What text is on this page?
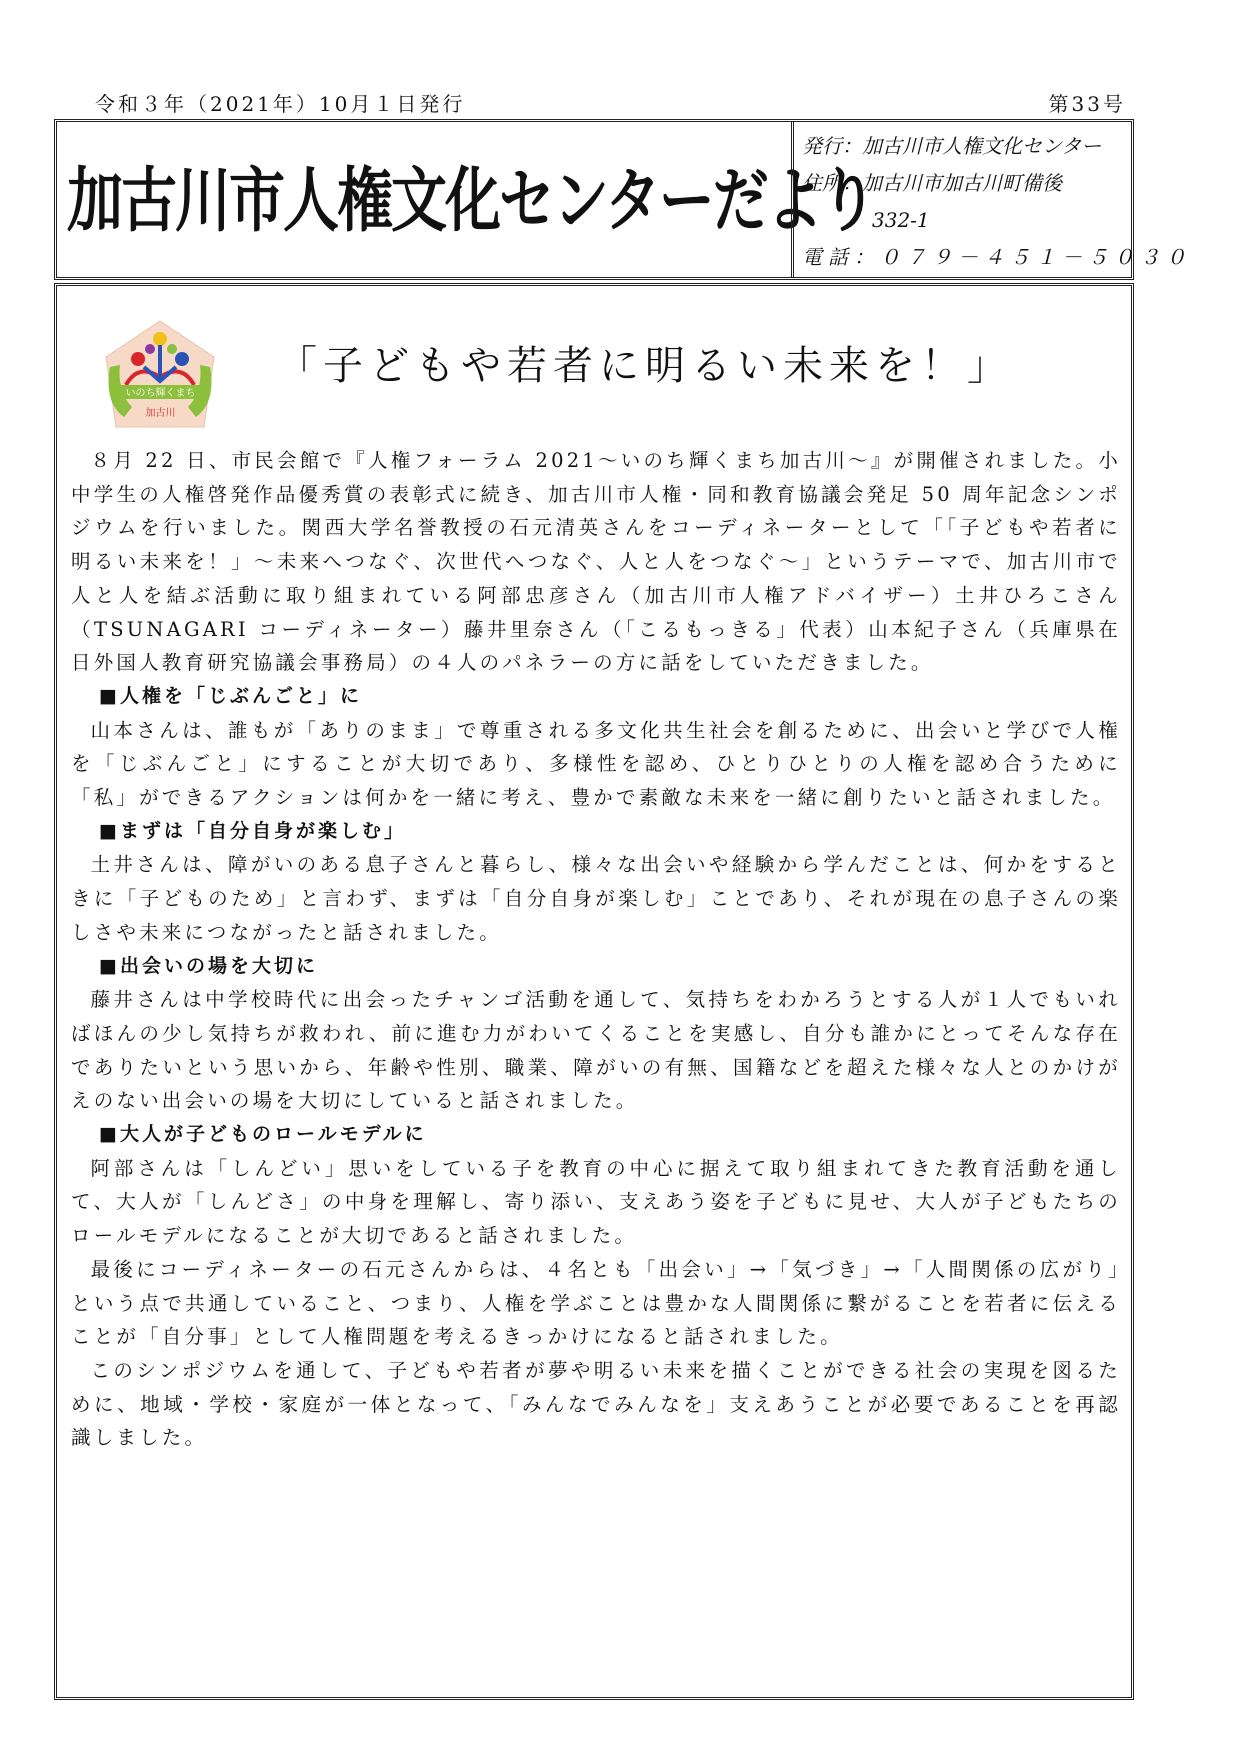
令和３年（2021年）10月１日発行	第33号
加古川市人権文化センターだより
発行：加古川市人権文化センター
住所：加古川市加古川町備後
332-1
電話：０７９－４５１－５０３０
いのち輝くまち
加古川
「子どもや若者に明るい未来を！」

８月 22 日、市民会館で『人権フォーラム 2021～いのち輝くまち加古川～』が開催されました。小中学生の人権啓発作品優秀賞の表彰式に続き、加古川市人権・同和教育協議会発足 50 周年記念シンポジウムを行いました。関西大学名誉教授の石元清英さんをコーディネーターとして「「子どもや若者に明るい未来を！」～未来へつなぐ、次世代へつなぐ、人と人をつなぐ～」というテーマで、加古川市で人と人を結ぶ活動に取り組まれている阿部忠彦さん（加古川市人権アドバイザー）土井ひろこさん（TSUNAGARI コーディネーター）藤井里奈さん（「こるもっきる」代表）山本紀子さん（兵庫県在日外国人教育研究協議会事務局）の４人のパネラーの方に話をしていただきました。

■人権を「じぶんごと」に

山本さんは、誰もが「ありのまま」で尊重される多文化共生社会を創るために、出会いと学びで人権を「じぶんごと」にすることが大切であり、多様性を認め、ひとりひとりの人権を認め合うために「私」ができるアクションは何かを一緒に考え、豊かで素敵な未来を一緒に創りたいと話されました。

■まずは「自分自身が楽しむ」

土井さんは、障がいのある息子さんと暮らし、様々な出会いや経験から学んだことは、何かをするときに「子どものため」と言わず、まずは「自分自身が楽しむ」ことであり、それが現在の息子さんの楽しさや未来につながったと話されました。

■出会いの場を大切に

藤井さんは中学校時代に出会ったチャンゴ活動を通して、気持ちをわかろうとする人が１人でもいればほんの少し気持ちが救われ、前に進む力がわいてくることを実感し、自分も誰かにとってそんな存在でありたいという思いから、年齢や性別、職業、障がいの有無、国籍などを超えた様々な人とのかけがえのない出会いの場を大切にしていると話されました。

■大人が子どものロールモデルに

阿部さんは「しんどい」思いをしている子を教育の中心に据えて取り組まれてきた教育活動を通して、大人が「しんどさ」の中身を理解し、寄り添い、支えあう姿を子どもに見せ、大人が子どもたちのロールモデルになることが大切であると話されました。

最後にコーディネーターの石元さんからは、４名とも「出会い」→「気づき」→「人間関係の広がり」という点で共通していること、つまり、人権を学ぶことは豊かな人間関係に繋がることを若者に伝えることが「自分事」として人権問題を考えるきっかけになると話されました。

このシンポジウムを通して、子どもや若者が夢や明るい未来を描くことができる社会の実現を図るために、地域・学校・家庭が一体となって、「みんなでみんなを」支えあうことが必要であることを再認識しました。
